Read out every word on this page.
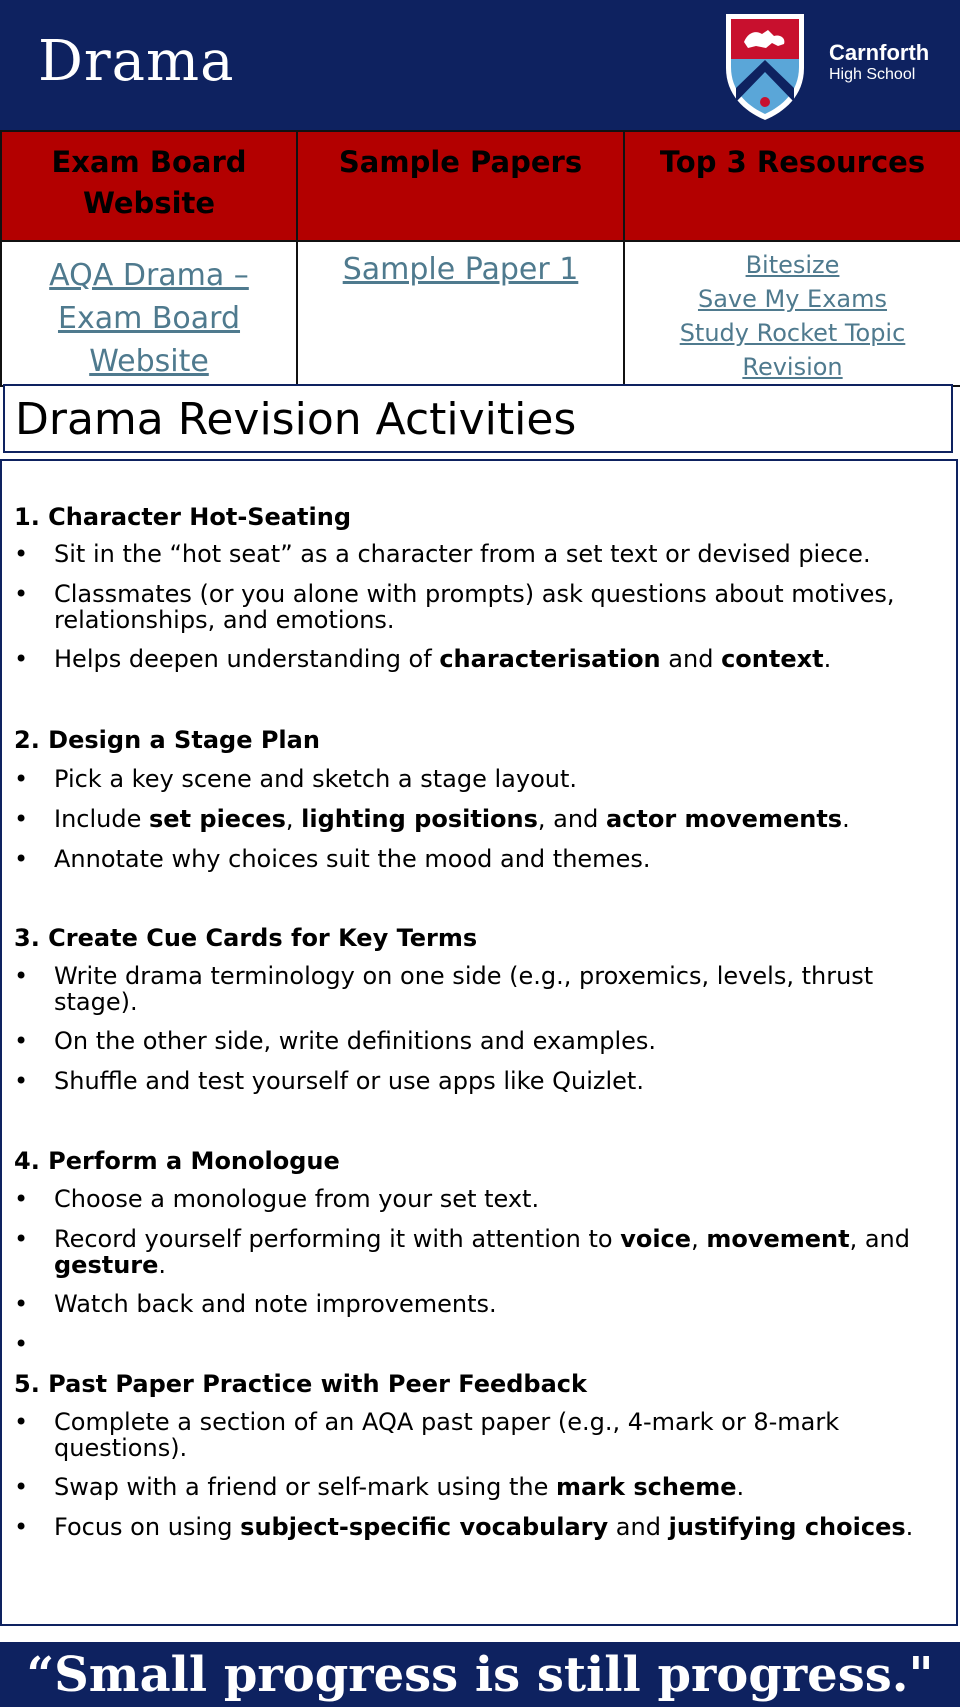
Drama	Carnforth
High School
Exam Board Website	Sample Papers	Top 3 Resources
AQA Drama – Exam Board Website	Sample Paper 1	Bitesize
Save My Exams
Study Rocket Topic Revision
Drama Revision Activities
1. Character Hot-Seating
• Sit in the “hot seat” as a character from a set text or devised piece.
• Classmates (or you alone with prompts) ask questions about motives, relationships, and emotions.
• Helps deepen understanding of characterisation and context.
2. Design a Stage Plan
• Pick a key scene and sketch a stage layout.
• Include set pieces, lighting positions, and actor movements.
• Annotate why choices suit the mood and themes.
3. Create Cue Cards for Key Terms
• Write drama terminology on one side (e.g., proxemics, levels, thrust stage).
• On the other side, write definitions and examples.
• Shuffle and test yourself or use apps like Quizlet.
4. Perform a Monologue
• Choose a monologue from your set text.
• Record yourself performing it with attention to voice, movement, and gesture.
• Watch back and note improvements.
•
5. Past Paper Practice with Peer Feedback
• Complete a section of an AQA past paper (e.g., 4-mark or 8-mark questions).
• Swap with a friend or self-mark using the mark scheme.
• Focus on using subject-specific vocabulary and justifying choices.
“Small progress is still progress."
